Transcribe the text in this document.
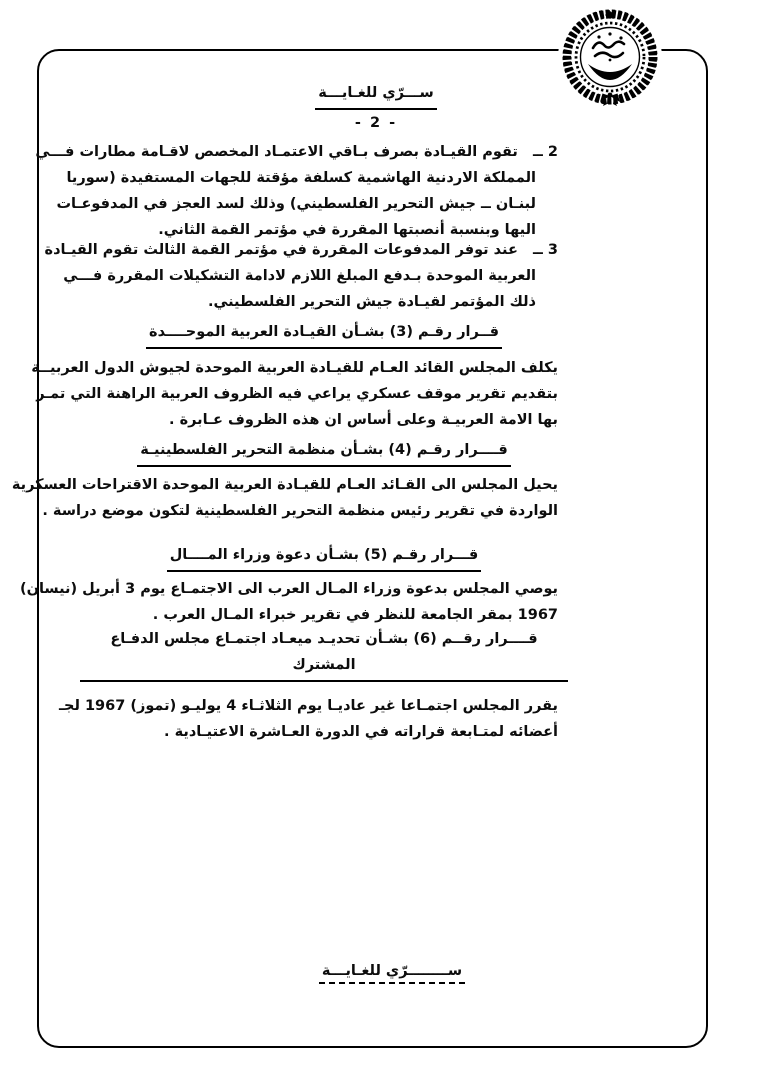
ســـرّي للغـايـــة
- 2 -
2 ــ تقوم القيـادة بصرف بـاقي الاعتمـاد المخصص لاقـامة مطارات فـــي
المملكة الاردنية الهاشمية كسلفة مؤقتة للجهات المستفيدة (سوريا
لبنـان ــ جيش التحرير الفلسطيني) وذلك لسد العجز في المدفوعـات
اليها وبنسبة أنصبتها المقررة في مؤتمر القمة الثاني.
3 ــ عند توفر المدفوعات المقررة في مؤتمر القمة الثالث تقوم القيـادة
العربية الموحدة بـدفع المبلغ اللازم لادامة التشكيلات المقررة فـــي
ذلك المؤتمر لقيـادة جيش التحرير الفلسطيني.
قــرار رقـم (3) بشـأن القيـادة العربية الموحــــدة
يكلف المجلس القائد العـام للقيـادة العربية الموحدة لجيوش الدول العربيــة
بتقديم تقرير موقف عسكري يراعي فيه الظروف العربية الراهنة التي تمـر
بها الامة العربيـة وعلى أساس ان هذه الظروف عـابرة .
قــــرار رقـم (4) بشـأن منظمة التحرير الفلسطينيـة
يحيل المجلس الى القـائد العـام للقيـادة العربية الموحدة الاقتراحات العسكرية
الواردة في تقرير رئيس منظمة التحرير الفلسطينية لتكون موضع دراسة .
قـــرار رقـم (5) بشـأن دعوة وزراء المــــال
يوصي المجلس بدعوة وزراء المـال العرب الى الاجتمـاع يوم 3 أبريل (نيسان)
1967 بمقر الجامعة للنظر في تقرير خبراء المـال العرب .
قــــرار رقــم (6) بشـأن تحديـد ميعـاد اجتمـاع مجلس الدفـاع المشترك
يقرر المجلس اجتمـاعا غير عاديـا يوم الثلاثـاء 4 يوليـو (تموز) 1967 لجـ
أعضائه لمتـابعة قراراته في الدورة العـاشرة الاعتيـادية .
ســــــــرّي للغـايـــة
